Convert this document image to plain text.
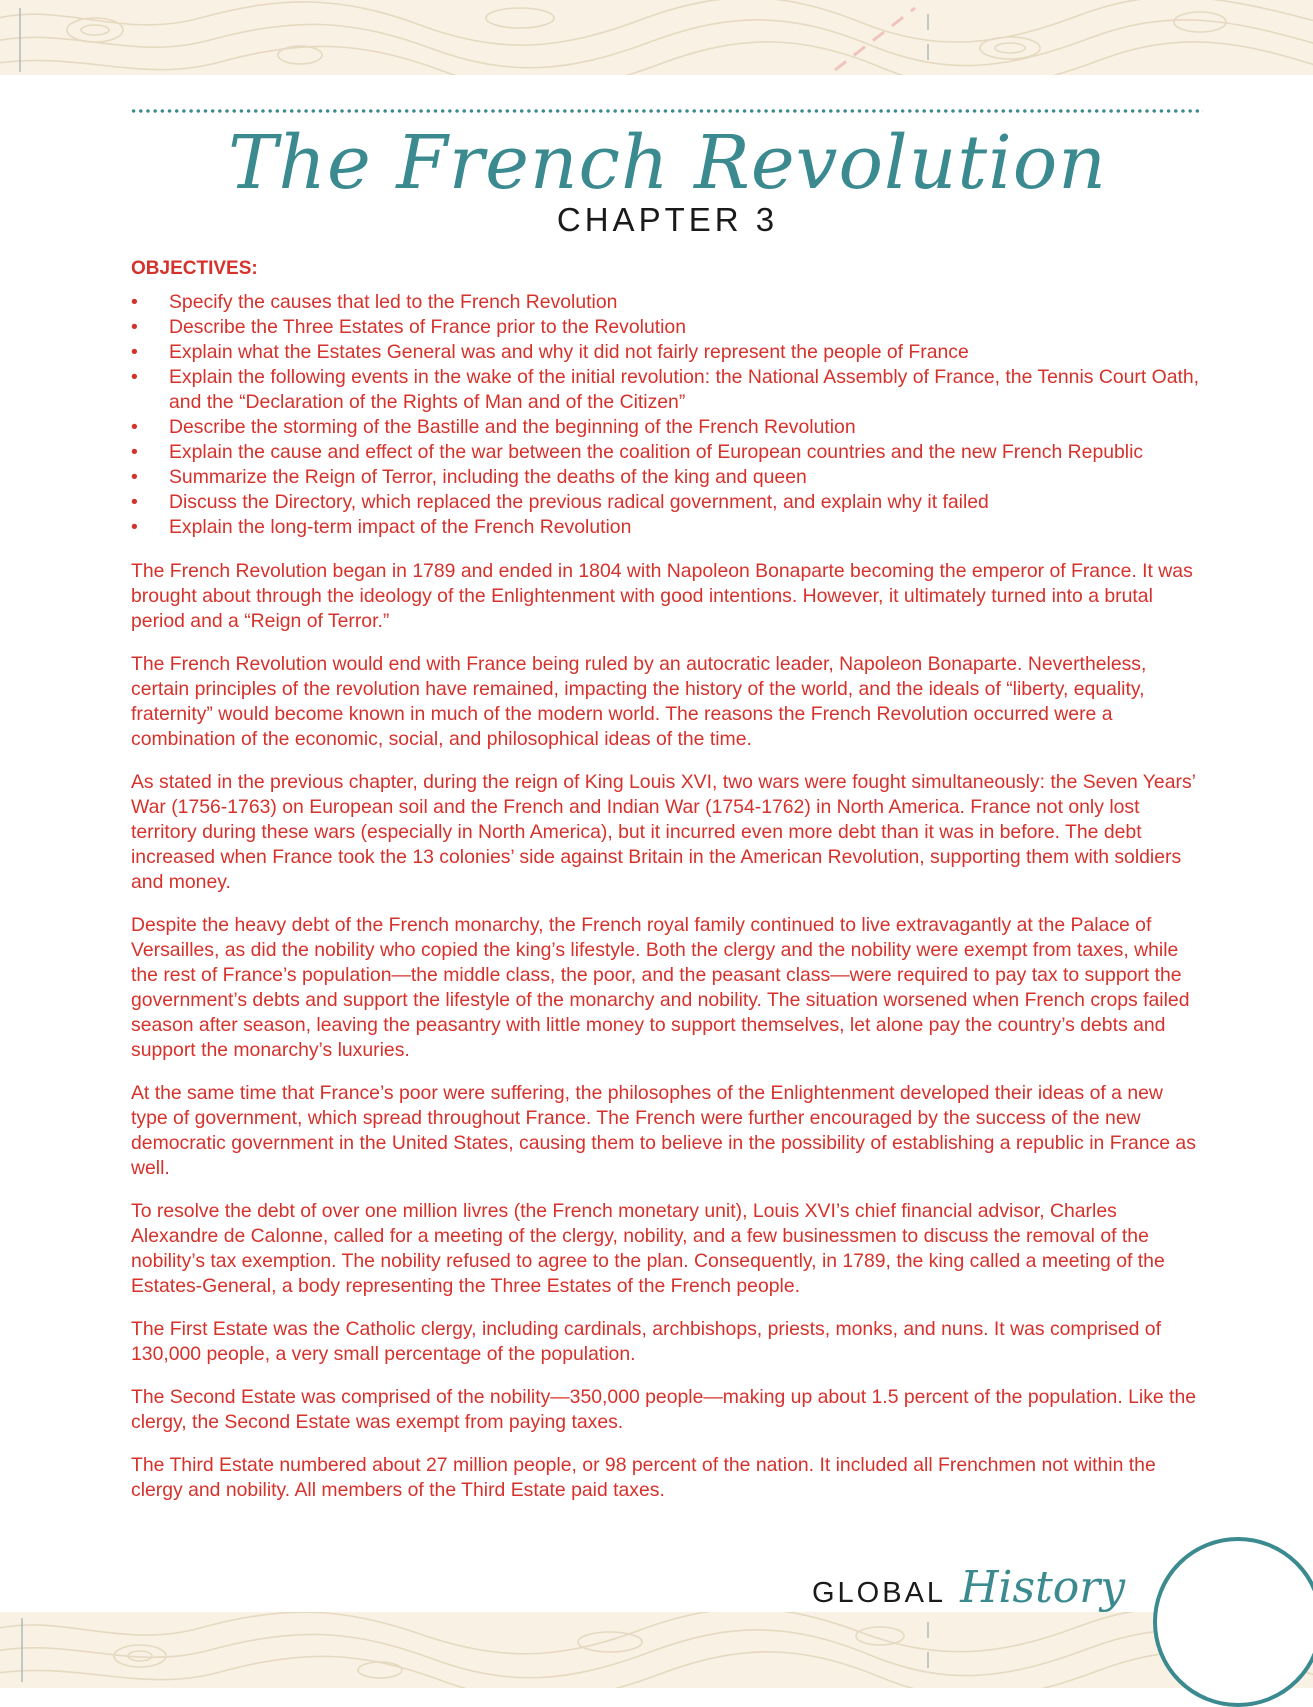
The French Revolution
CHAPTER 3
OBJECTIVES:
• Specify the causes that led to the French Revolution
• Describe the Three Estates of France prior to the Revolution
• Explain what the Estates General was and why it did not fairly represent the people of France
• Explain the following events in the wake of the initial revolution: the National Assembly of France, the Tennis Court Oath, and the “Declaration of the Rights of Man and of the Citizen”
• Describe the storming of the Bastille and the beginning of the French Revolution
• Explain the cause and effect of the war between the coalition of European countries and the new French Republic
• Summarize the Reign of Terror, including the deaths of the king and queen
• Discuss the Directory, which replaced the previous radical government, and explain why it failed
• Explain the long-term impact of the French Revolution

The French Revolution began in 1789 and ended in 1804 with Napoleon Bonaparte becoming the emperor of France. It was brought about through the ideology of the Enlightenment with good intentions. However, it ultimately turned into a brutal period and a “Reign of Terror.”

The French Revolution would end with France being ruled by an autocratic leader, Napoleon Bonaparte. Nevertheless, certain principles of the revolution have remained, impacting the history of the world, and the ideals of “liberty, equality, fraternity” would become known in much of the modern world. The reasons the French Revolution occurred were a combination of the economic, social, and philosophical ideas of the time.

As stated in the previous chapter, during the reign of King Louis XVI, two wars were fought simultaneously: the Seven Years’ War (1756-1763) on European soil and the French and Indian War (1754-1762) in North America. France not only lost territory during these wars (especially in North America), but it incurred even more debt than it was in before. The debt increased when France took the 13 colonies’ side against Britain in the American Revolution, supporting them with soldiers and money.

Despite the heavy debt of the French monarchy, the French royal family continued to live extravagantly at the Palace of Versailles, as did the nobility who copied the king’s lifestyle. Both the clergy and the nobility were exempt from taxes, while the rest of France’s population—the middle class, the poor, and the peasant class—were required to pay tax to support the government’s debts and support the lifestyle of the monarchy and nobility. The situation worsened when French crops failed season after season, leaving the peasantry with little money to support themselves, let alone pay the country’s debts and support the monarchy’s luxuries.

At the same time that France’s poor were suffering, the philosophes of the Enlightenment developed their ideas of a new type of government, which spread throughout France. The French were further encouraged by the success of the new democratic government in the United States, causing them to believe in the possibility of establishing a republic in France as well.

To resolve the debt of over one million livres (the French monetary unit), Louis XVI’s chief financial advisor, Charles Alexandre de Calonne, called for a meeting of the clergy, nobility, and a few businessmen to discuss the removal of the nobility’s tax exemption. The nobility refused to agree to the plan. Consequently, in 1789, the king called a meeting of the Estates-General, a body representing the Three Estates of the French people.

The First Estate was the Catholic clergy, including cardinals, archbishops, priests, monks, and nuns. It was comprised of 130,000 people, a very small percentage of the population.

The Second Estate was comprised of the nobility—350,000 people—making up about 1.5 percent of the population. Like the clergy, the Second Estate was exempt from paying taxes.

The Third Estate numbered about 27 million people, or 98 percent of the nation. It included all Frenchmen not within the clergy and nobility. All members of the Third Estate paid taxes.

GLOBAL History
